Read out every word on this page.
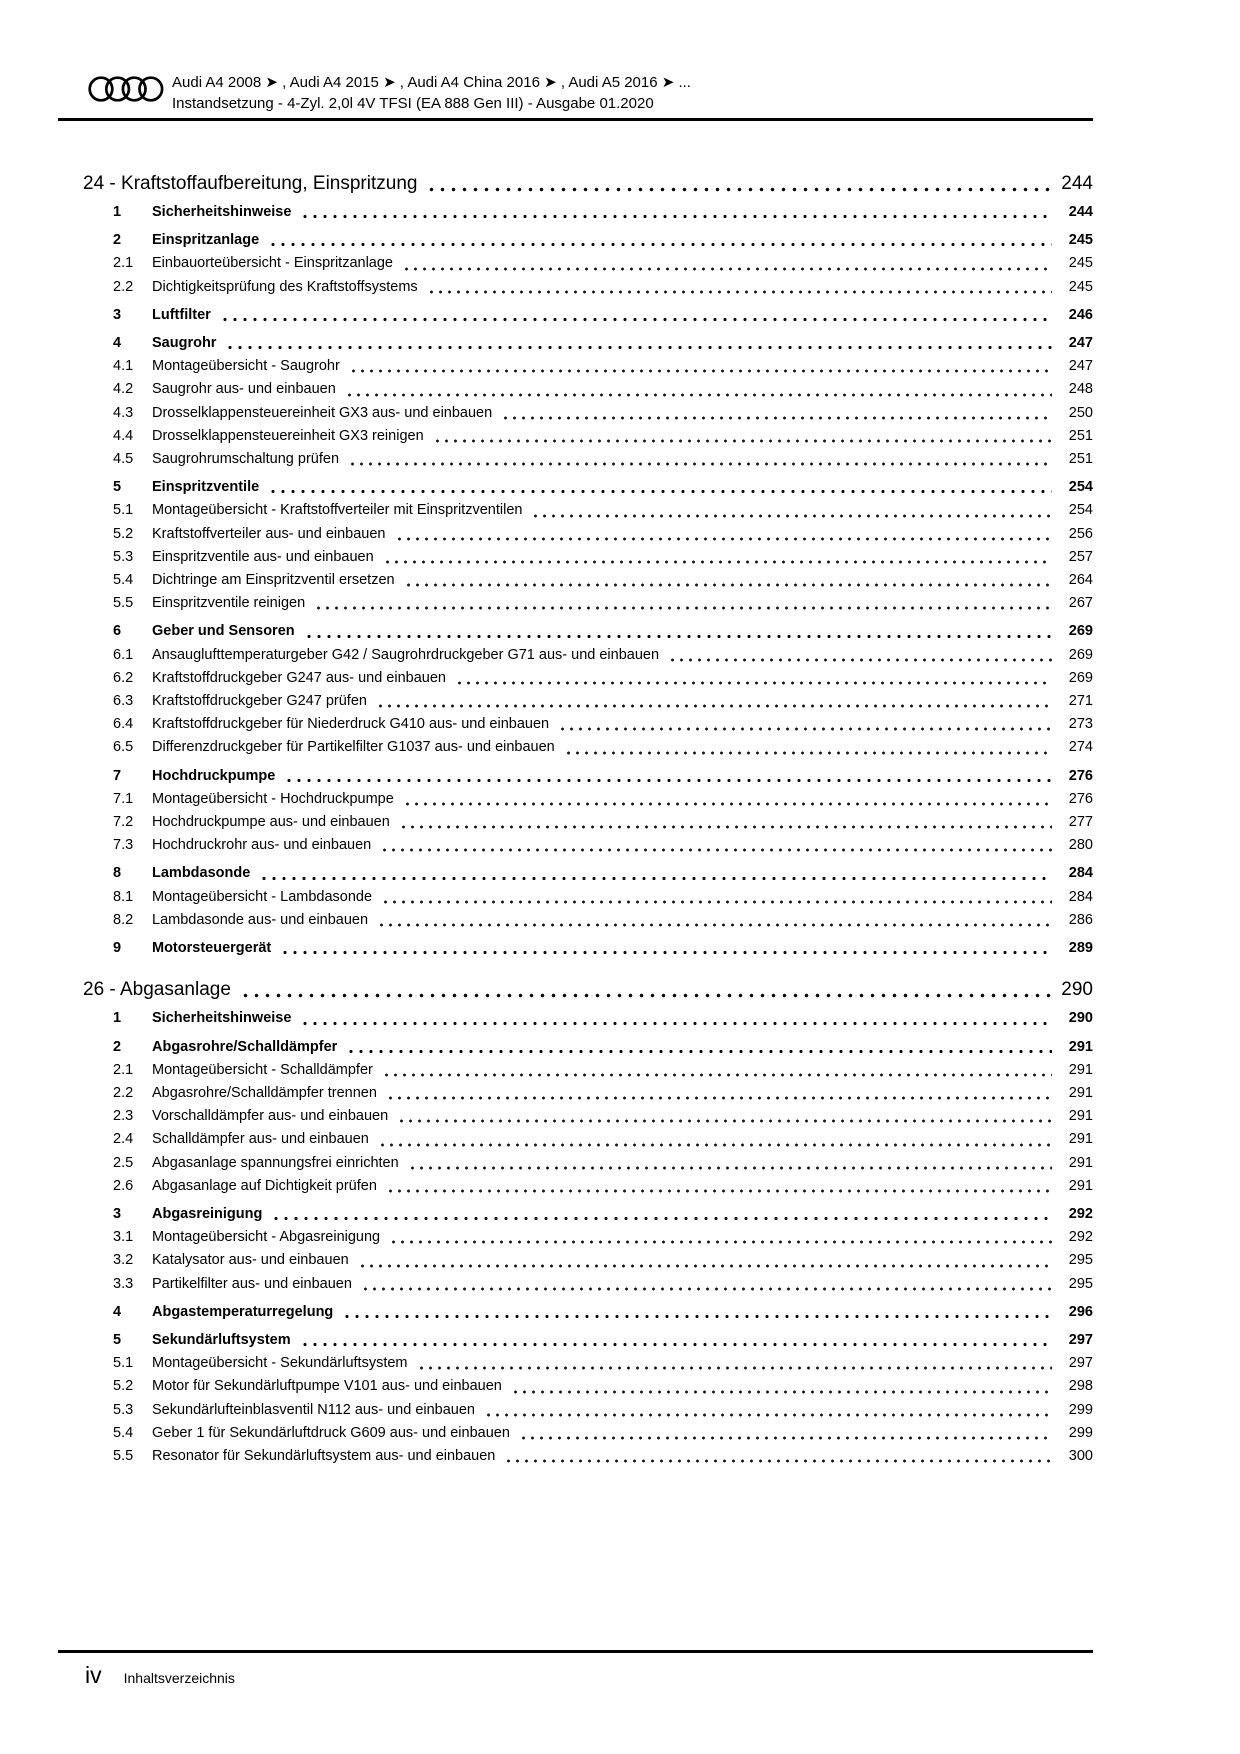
Audi A4 2008 ➤ , Audi A4 2015 ➤ , Audi A4 China 2016 ➤ , Audi A5 2016 ➤ ...
Instandsetzung - 4-Zyl. 2,0l 4V TFSI (EA 888 Gen III) - Ausgabe 01.2020
24 - Kraftstoffaufbereitung, Einspritzung	244
1	Sicherheitshinweise	244
2	Einspritzanlage	245
2.1	Einbauorteübersicht - Einspritzanlage	245
2.2	Dichtigkeitsprüfung des Kraftstoffsystems	245
3	Luftfilter	246
4	Saugrohr	247
4.1	Montageübersicht - Saugrohr	247
4.2	Saugrohr aus- und einbauen	248
4.3	Drosselklappensteuereinheit GX3 aus- und einbauen	250
4.4	Drosselklappensteuereinheit GX3 reinigen	251
4.5	Saugrohrumschaltung prüfen	251
5	Einspritzventile	254
5.1	Montageübersicht - Kraftstoffverteiler mit Einspritzventilen	254
5.2	Kraftstoffverteiler aus- und einbauen	256
5.3	Einspritzventile aus- und einbauen	257
5.4	Dichtringe am Einspritzventil ersetzen	264
5.5	Einspritzventile reinigen	267
6	Geber und Sensoren	269
6.1	Ansauglufttemperaturgeber G42 / Saugrohrdruckgeber G71 aus- und einbauen	269
6.2	Kraftstoffdruckgeber G247 aus- und einbauen	269
6.3	Kraftstoffdruckgeber G247 prüfen	271
6.4	Kraftstoffdruckgeber für Niederdruck G410 aus- und einbauen	273
6.5	Differenzdruckgeber für Partikelfilter G1037 aus- und einbauen	274
7	Hochdruckpumpe	276
7.1	Montageübersicht - Hochdruckpumpe	276
7.2	Hochdruckpumpe aus- und einbauen	277
7.3	Hochdruckrohr aus- und einbauen	280
8	Lambdasonde	284
8.1	Montageübersicht - Lambdasonde	284
8.2	Lambdasonde aus- und einbauen	286
9	Motorsteuergerät	289
26 - Abgasanlage	290
1	Sicherheitshinweise	290
2	Abgasrohre/Schalldämpfer	291
2.1	Montageübersicht - Schalldämpfer	291
2.2	Abgasrohre/Schalldämpfer trennen	291
2.3	Vorschalldämpfer aus- und einbauen	291
2.4	Schalldämpfer aus- und einbauen	291
2.5	Abgasanlage spannungsfrei einrichten	291
2.6	Abgasanlage auf Dichtigkeit prüfen	291
3	Abgasreinigung	292
3.1	Montageübersicht - Abgasreinigung	292
3.2	Katalysator aus- und einbauen	295
3.3	Partikelfilter aus- und einbauen	295
4	Abgastemperaturregelung	296
5	Sekundärluftsystem	297
5.1	Montageübersicht - Sekundärluftsystem	297
5.2	Motor für Sekundärluftpumpe V101 aus- und einbauen	298
5.3	Sekundärlufteinblasventil N112 aus- und einbauen	299
5.4	Geber 1 für Sekundärluftdruck G609 aus- und einbauen	299
5.5	Resonator für Sekundärluftsystem aus- und einbauen	300
iv Inhaltsverzeichnis
